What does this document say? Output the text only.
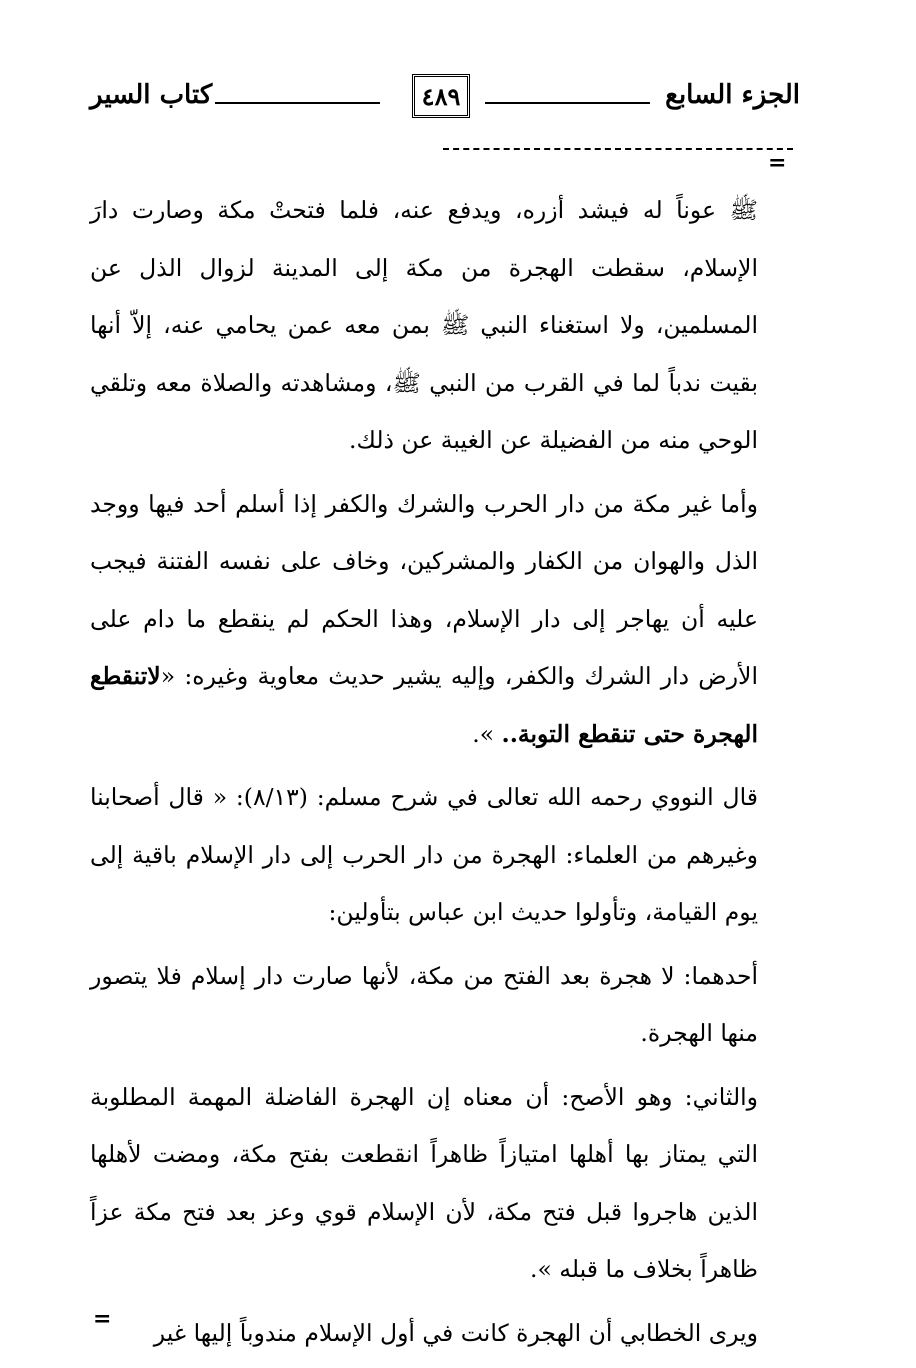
الجزء السابع
٤٨٩
كتاب السير
=

ﷺ عوناً له فيشد أزره، ويدفع عنه، فلما فتحتْ مكة وصارت دارَ الإسلام، سقطت الهجرة من مكة إلى المدينة لزوال الذل عن المسلمين، ولا استغناء النبي ﷺ بمن معه عمن يحامي عنه، إلاّ أنها بقيت ندباً لما في القرب من النبي ﷺ، ومشاهدته والصلاة معه وتلقي الوحي منه من الفضيلة عن الغيبة عن ذلك.

وأما غير مكة من دار الحرب والشرك والكفر إذا أسلم أحد فيها ووجد الذل والهوان من الكفار والمشركين، وخاف على نفسه الفتنة فيجب عليه أن يهاجر إلى دار الإسلام، وهذا الحكم لم ينقطع ما دام على الأرض دار الشرك والكفر، وإليه يشير حديث معاوية وغيره: «لاتنقطع الهجرة حتى تنقطع التوبة.. ».

قال النووي رحمه الله تعالى في شرح مسلم: (٨/١٣): « قال أصحابنا وغيرهم من العلماء: الهجرة من دار الحرب إلى دار الإسلام باقية إلى يوم القيامة، وتأولوا حديث ابن عباس بتأولين:

أحدهما: لا هجرة بعد الفتح من مكة، لأنها صارت دار إسلام فلا يتصور منها الهجرة.

والثاني: وهو الأصح: أن معناه إن الهجرة الفاضلة المهمة المطلوبة التي يمتاز بها أهلها امتيازاً ظاهراً انقطعت بفتح مكة، ومضت لأهلها الذين هاجروا قبل فتح مكة، لأن الإسلام قوي وعز بعد فتح مكة عزاً ظاهراً بخلاف ما قبله ».

ويرى الخطابي أن الهجرة كانت في أول الإسلام مندوباً إليها غير

=
